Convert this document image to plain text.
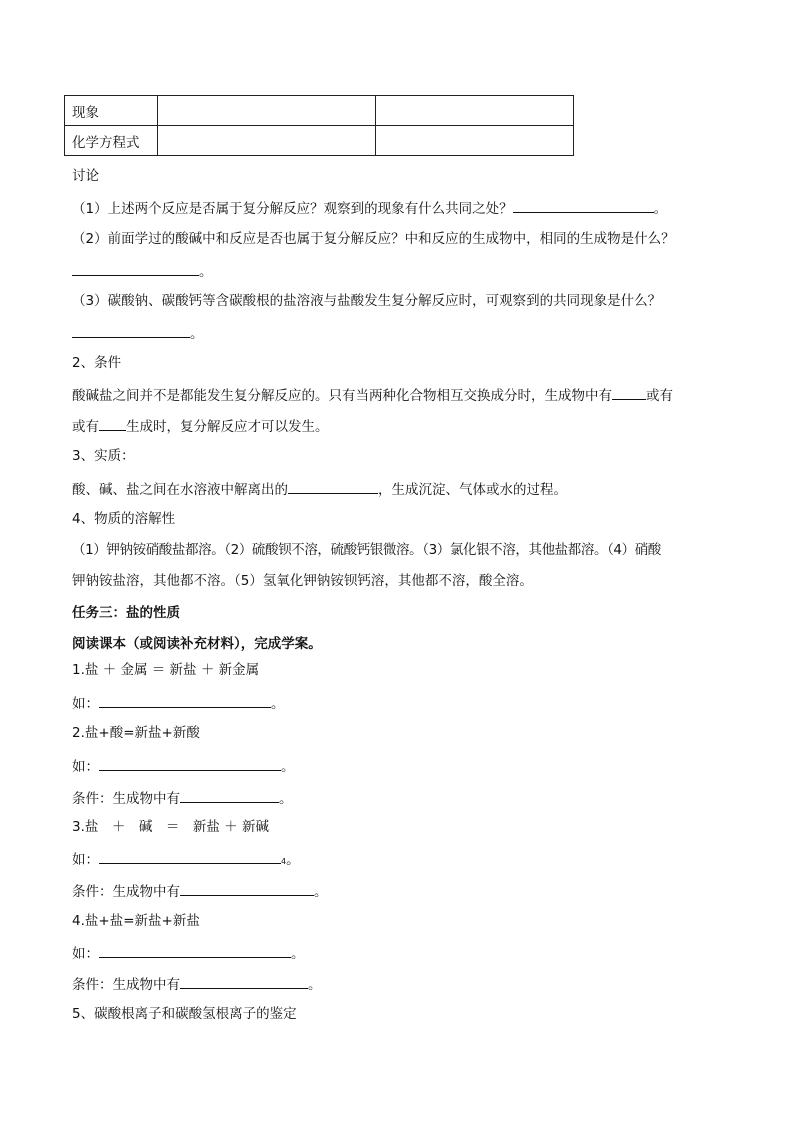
现象		
化学方程式		
讨论
（1）上述两个反应是否属于复分解反应？观察到的现象有什么共同之处？	。
（2）前面学过的酸碱中和反应是否也属于复分解反应？中和反应的生成物中，相同的生成物是什么？
。
（3）碳酸钠、碳酸钙等含碳酸根的盐溶液与盐酸发生复分解反应时，可观察到的共同现象是什么？
。
2、条件
酸碱盐之间并不是都能发生复分解反应的。只有当两种化合物相互交换成分时，生成物中有	或有
或有 生成时，复分解反应才可以发生。
3、实质：
酸、碱、盐之间在水溶液中解离出的	，生成沉淀、气体或水的过程。
4、物质的溶解性
（1）钾钠铵硝酸盐都溶。（2）硫酸钡不溶，硫酸钙银微溶。（3）氯化银不溶，其他盐都溶。（4）硝酸
钾钠铵盐溶，其他都不溶。（5）氢氧化钾钠铵钡钙溶，其他都不溶，酸全溶。
任务三：盐的性质
阅读课本（或阅读补充材料），完成学案。
1.盐 ＋ 金属 ＝ 新盐 ＋ 新金属
如：	。
2.盐+酸=新盐+新酸
如：	。
条件：生成物中有	。
3.盐　＋　碱　＝　新盐 ＋ 新碱
如：	4。
条件：生成物中有	。
4.盐+盐=新盐+新盐
如：	。
条件：生成物中有	。
5、碳酸根离子和碳酸氢根离子的鉴定
